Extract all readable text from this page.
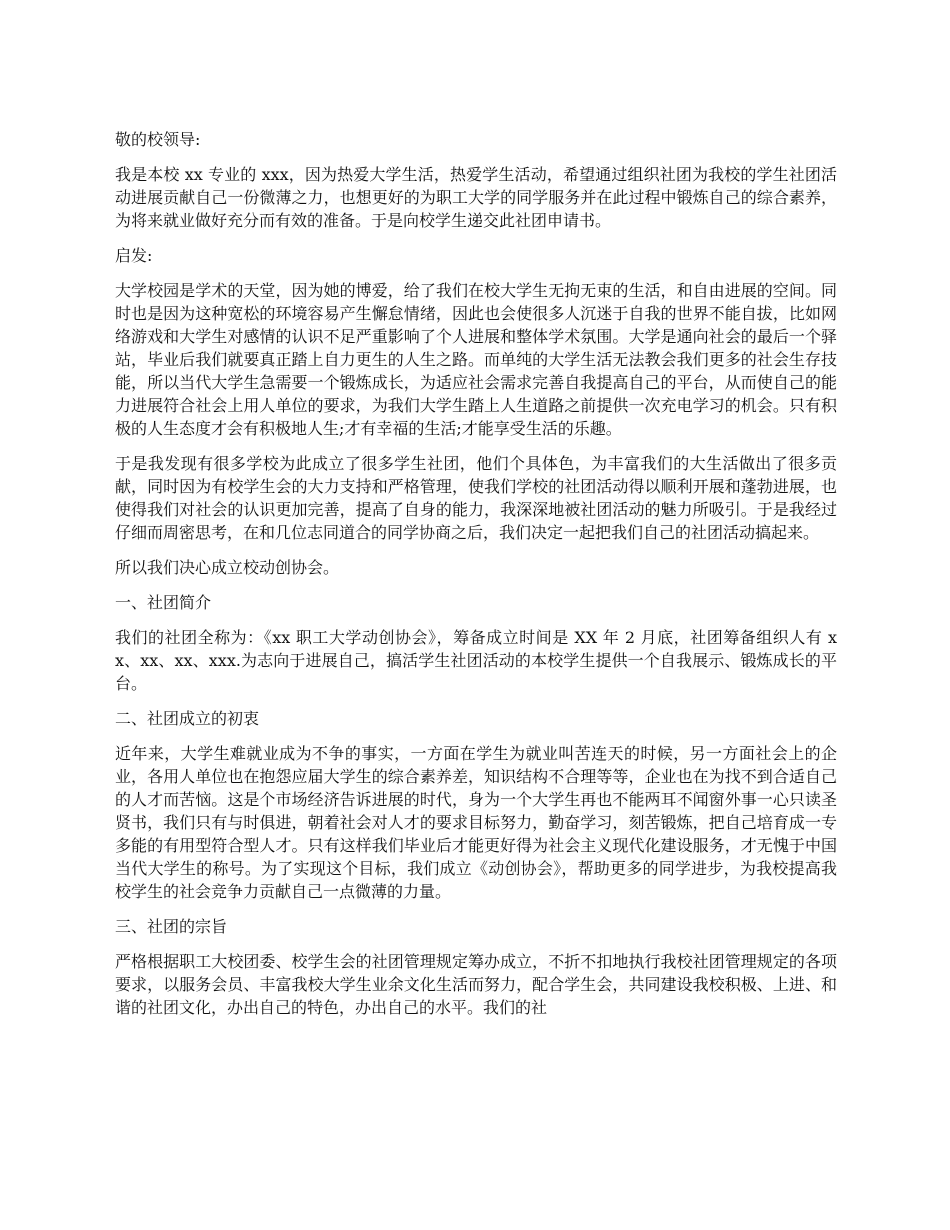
敬的校领导:

我是本校 xx 专业的 xxx，因为热爱大学生活，热爱学生活动，希望通过组织社团为我校的学生社团活动进展贡献自己一份微薄之力，也想更好的为职工大学的同学服务并在此过程中锻炼自己的综合素养，为将来就业做好充分而有效的准备。于是向校学生递交此社团申请书。

启发:

大学校园是学术的天堂，因为她的博爱，给了我们在校大学生无拘无束的生活，和自由进展的空间。同时也是因为这种宽松的环境容易产生懈怠情绪，因此也会使很多人沉迷于自我的世界不能自拔，比如网络游戏和大学生对感情的认识不足严重影响了个人进展和整体学术氛围。大学是通向社会的最后一个驿站，毕业后我们就要真正踏上自力更生的人生之路。而单纯的大学生活无法教会我们更多的社会生存技能，所以当代大学生急需要一个锻炼成长，为适应社会需求完善自我提高自己的平台，从而使自己的能力进展符合社会上用人单位的要求，为我们大学生踏上人生道路之前提供一次充电学习的机会。只有积极的人生态度才会有积极地人生;才有幸福的生活;才能享受生活的乐趣。

于是我发现有很多学校为此成立了很多学生社团，他们个具体色，为丰富我们的大生活做出了很多贡献，同时因为有校学生会的大力支持和严格管理，使我们学校的社团活动得以顺利开展和蓬勃进展，也使得我们对社会的认识更加完善，提高了自身的能力，我深深地被社团活动的魅力所吸引。于是我经过仔细而周密思考，在和几位志同道合的同学协商之后，我们决定一起把我们自己的社团活动搞起来。

所以我们决心成立校动创协会。

一、社团简介

我们的社团全称为：《xx 职工大学动创协会》，筹备成立时间是 XX 年 2 月底，社团筹备组织人有 xx、xx、xx、xxx.为志向于进展自己，搞活学生社团活动的本校学生提供一个自我展示、锻炼成长的平台。

二、社团成立的初衷

近年来，大学生难就业成为不争的事实，一方面在学生为就业叫苦连天的时候，另一方面社会上的企业，各用人单位也在抱怨应届大学生的综合素养差，知识结构不合理等等，企业也在为找不到合适自己的人才而苦恼。这是个市场经济告诉进展的时代，身为一个大学生再也不能两耳不闻窗外事一心只读圣贤书，我们只有与时俱进，朝着社会对人才的要求目标努力，勤奋学习，刻苦锻炼，把自己培育成一专多能的有用型符合型人才。只有这样我们毕业后才能更好得为社会主义现代化建设服务，才无愧于中国当代大学生的称号。为了实现这个目标，我们成立《动创协会》，帮助更多的同学进步，为我校提高我校学生的社会竞争力贡献自己一点微薄的力量。

三、社团的宗旨

严格根据职工大校团委、校学生会的社团管理规定筹办成立，不折不扣地执行我校社团管理规定的各项要求，以服务会员、丰富我校大学生业余文化生活而努力，配合学生会，共同建设我校积极、上进、和谐的社团文化，办出自己的特色，办出自己的水平。我们的社
